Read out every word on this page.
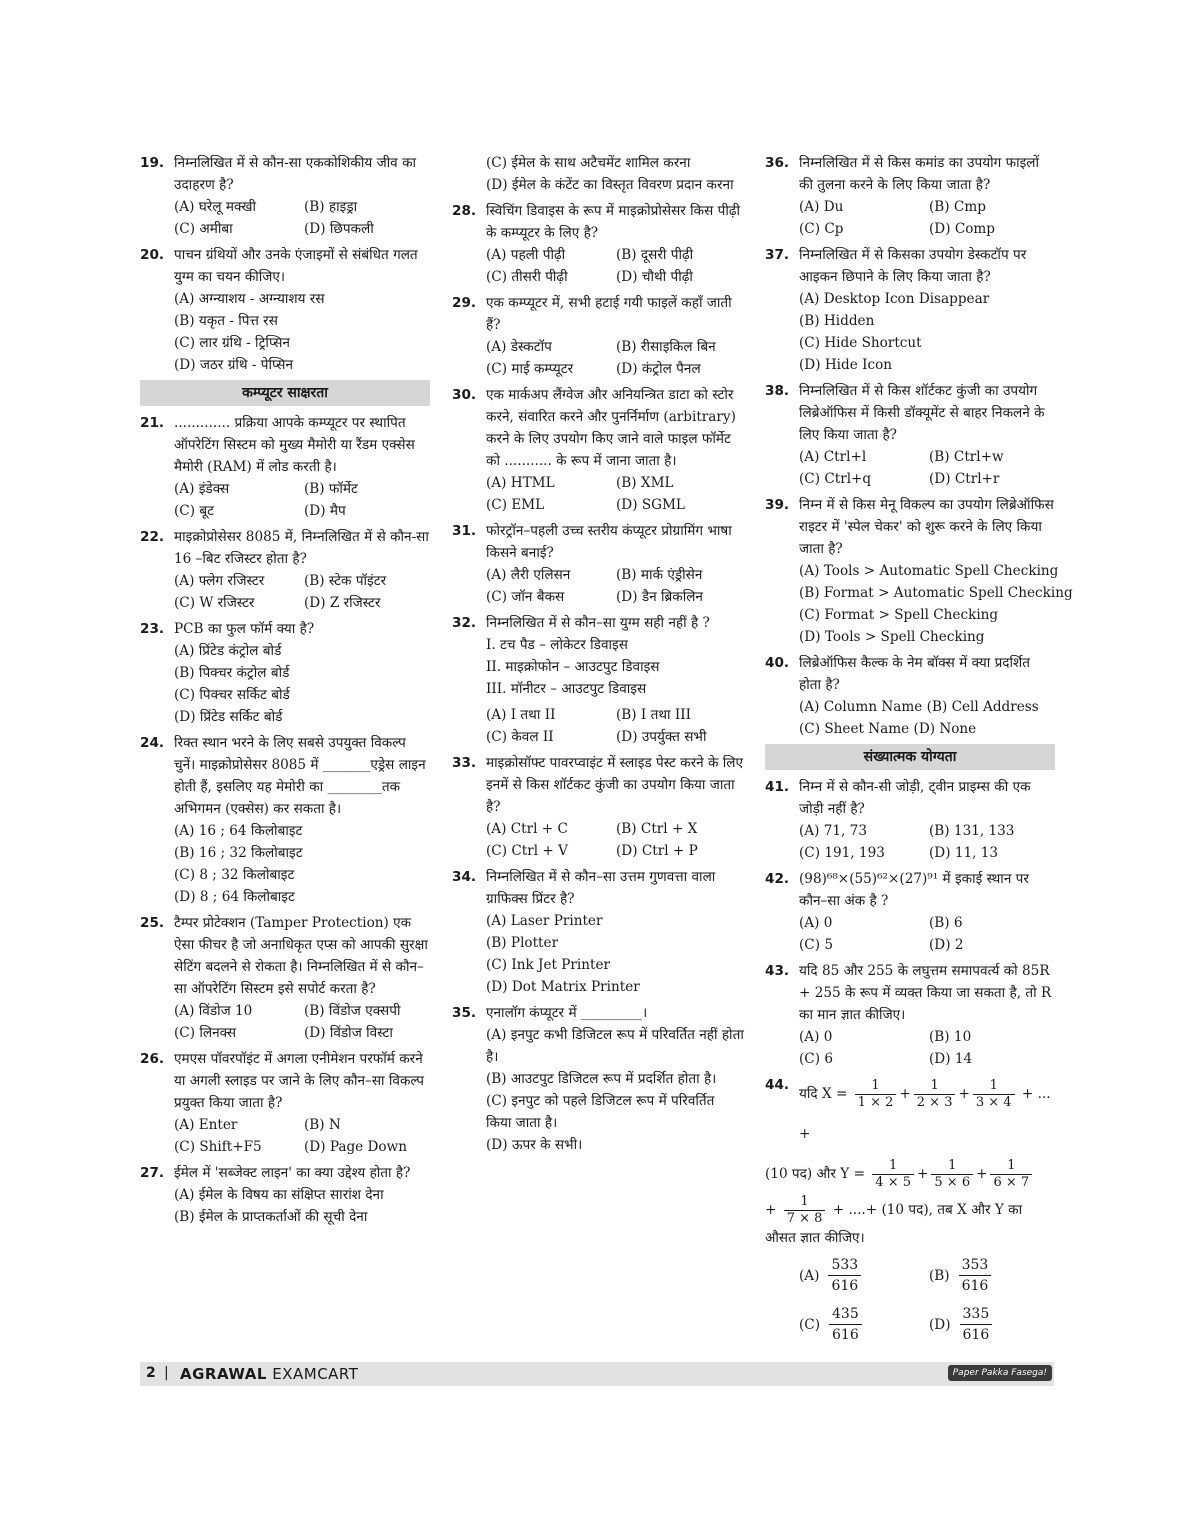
19. निम्नलिखित में से कौन-सा एककोशिकीय जीव का उदाहरण है?
(A) घरेलू मक्खी	(B) हाइड्रा
(C) अमीबा	(D) छिपकली
20. पाचन ग्रंथियों और उनके एंजाइमों से संबंधित गलत युग्म का चयन कीजिए।
(A) अग्न्याशय - अग्न्याशय रस
(B) यकृत - पित्त रस
(C) लार ग्रंथि - ट्रिप्सिन
(D) जठर ग्रंथि - पेप्सिन
कम्प्यूटर साक्षरता
21. ............. प्रक्रिया आपके कम्प्यूटर पर स्थापित ऑपरेटिंग सिस्टम को मुख्य मैमोरी या रैंडम एक्सेस मैमोरी (RAM) में लोड करती है।
(A) इंडेक्स	(B) फॉर्मेट
(C) बूट	(D) मैप
22. माइक्रोप्रोसेसर 8085 में, निम्नलिखित में से कौन-सा 16 –बिट रजिस्टर होता है?
(A) फ्लेग रजिस्टर	(B) स्टेक पॉइंटर
(C) W रजिस्टर	(D) Z रजिस्टर
23. PCB का फुल फॉर्म क्या है?
(A) प्रिंटेड कंट्रोल बोर्ड
(B) पिक्चर कंट्रोल बोर्ड
(C) पिक्चर सर्किट बोर्ड
(D) प्रिंटेड सर्किट बोर्ड
24. रिक्त स्थान भरने के लिए सबसे उपयुक्त विकल्प चुनें। माइक्रोप्रोसेसर 8085 में _______एड्रेस लाइन होती हैं, इसलिए यह मेमोरी का ________तक अभिगमन (एक्सेस) कर सकता है।
(A) 16 ; 64 किलोबाइट
(B) 16 ; 32 किलोबाइट
(C) 8 ; 32 किलोबाइट
(D) 8 ; 64 किलोबाइट
25. टैम्पर प्रोटेक्शन (Tamper Protection) एक ऐसा फीचर है जो अनाधिकृत एप्स को आपकी सुरक्षा सेटिंग बदलने से रोकता है। निम्नलिखित में से कौन–सा ऑपरेटिंग सिस्टम इसे सपोर्ट करता है?
(A) विंडोज 10	(B) विंडोज एक्सपी
(C) लिनक्स	(D) विंडोज विस्टा
26. एमएस पॉवरपॉइंट में अगला एनीमेशन परफॉर्म करने या अगली स्लाइड पर जाने के लिए कौन–सा विकल्प प्रयुक्त किया जाता है?
(A) Enter	(B) N
(C) Shift+F5	(D) Page Down
27. ईमेल में 'सब्जेक्ट लाइन' का क्या उद्देश्य होता है?
(A) ईमेल के विषय का संक्षिप्त सारांश देना
(B) ईमेल के प्राप्तकर्ताओं की सूची देना
(C) ईमेल के साथ अटैचमेंट शामिल करना
(D) ईमेल के कंटेंट का विस्तृत विवरण प्रदान करना
28. स्विचिंग डिवाइस के रूप में माइक्रोप्रोसेसर किस पीढ़ी के कम्प्यूटर के लिए है?
(A) पहली पीढ़ी	(B) दूसरी पीढ़ी
(C) तीसरी पीढ़ी	(D) चौथी पीढ़ी
29. एक कम्प्यूटर में, सभी हटाई गयी फाइलें कहाँ जाती हैं?
(A) डेस्कटॉप	(B) रीसाइकिल बिन
(C) माई कम्प्यूटर	(D) कंट्रोल पैनल
30. एक मार्कअप लैंग्वेज और अनियन्त्रित डाटा को स्टोर करने, संवारित करने और पुनर्निर्माण (arbitrary) करने के लिए उपयोग किए जाने वाले फाइल फॉर्मेट को ........... के रूप में जाना जाता है।
(A) HTML	(B) XML
(C) EML	(D) SGML
31. फोरट्रॉन–पहली उच्च स्तरीय कंप्यूटर प्रोग्रामिंग भाषा किसने बनाई?
(A) लैरी एलिसन	(B) मार्क एंड्रीसेन
(C) जॉन बैकस	(D) डैन ब्रिकलिन
32. निम्नलिखित में से कौन–सा युग्म सही नहीं है ?
I. टच पैड – लोकेटर डिवाइस
II. माइक्रोफोन – आउटपुट डिवाइस
III. मॉनीटर – आउटपुट डिवाइस
(A) I तथा II	(B) I तथा III
(C) केवल II	(D) उपर्युक्त सभी
33. माइक्रोसॉफ्ट पावरप्वाइंट में स्लाइड पेस्ट करने के लिए इनमें से किस शॉर्टकट कुंजी का उपयोग किया जाता है?
(A) Ctrl + C	(B) Ctrl + X
(C) Ctrl + V	(D) Ctrl + P
34. निम्नलिखित में से कौन–सा उत्तम गुणवत्ता वाला ग्राफिक्स प्रिंटर है?
(A) Laser Printer
(B) Plotter
(C) Ink Jet Printer
(D) Dot Matrix Printer
35. एनालॉग कंप्यूटर में _________।
(A) इनपुट कभी डिजिटल रूप में परिवर्तित नहीं होता है।
(B) आउटपुट डिजिटल रूप में प्रदर्शित होता है।
(C) इनपुट को पहले डिजिटल रूप में परिवर्तित किया जाता है।
(D) ऊपर के सभी।
36. निम्नलिखित में से किस कमांड का उपयोग फाइलों की तुलना करने के लिए किया जाता है?
(A) Du	(B) Cmp
(C) Cp	(D) Comp
37. निम्नलिखित में से किसका उपयोग डेस्कटॉप पर आइकन छिपाने के लिए किया जाता है?
(A) Desktop Icon Disappear
(B) Hidden
(C) Hide Shortcut
(D) Hide Icon
38. निम्नलिखित में से किस शॉर्टकट कुंजी का उपयोग लिब्रेऑफिस में किसी डॉक्यूमेंट से बाहर निकलने के लिए किया जाता है?
(A) Ctrl+l	(B) Ctrl+w
(C) Ctrl+q	(D) Ctrl+r
39. निम्न में से किस मेनू विकल्प का उपयोग लिब्रेऑफिस राइटर में 'स्पेल चेकर' को शुरू करने के लिए किया जाता है?
(A) Tools > Automatic Spell Checking
(B) Format > Automatic Spell Checking
(C) Format > Spell Checking
(D) Tools > Spell Checking
40. लिब्रेऑफिस कैल्क के नेम बॉक्स में क्या प्रदर्शित होता है?
(A) Column Name (B) Cell Address
(C) Sheet Name (D) None
संख्यात्मक योग्यता
41. निम्न में से कौन-सी जोड़ी, ट्वीन प्राइम्स की एक जोड़ी नहीं है?
(A) 71, 73	(B) 131, 133
(C) 191, 193	(D) 11, 13
42. (98)⁶⁸×(55)⁶²×(27)⁹¹ में इकाई स्थान पर कौन–सा अंक है ?
(A) 0	(B) 6
(C) 5	(D) 2
43. यदि 85 और 255 के लघुत्तम समापवर्त्य को 85R + 255 के रूप में व्यक्त किया जा सकता है, तो R का मान ज्ञात कीजिए।
(A) 0	(B) 10
(C) 6	(D) 14
44.
यदि $X = \frac{1}{1 \times 2} + \frac{1}{2 \times 3} + \frac{1}{3 \times 4}$ + ... +
(10 पद) और $Y = \frac{1}{4 \times 5} + \frac{1}{5 \times 6} + \frac{1}{6 \times 7}$
+ $\frac{1}{7 \times 8}$ + ....+ (10 पद), तब X और Y का औसत ज्ञात कीजिए।
$(A) \frac{533}{616}$	$(B) \frac{353}{616}$
$(C) \frac{435}{616}$	$(D) \frac{335}{616}$
2 | AGRAWAL EXAMCART	Paper Pakka Fasega!
